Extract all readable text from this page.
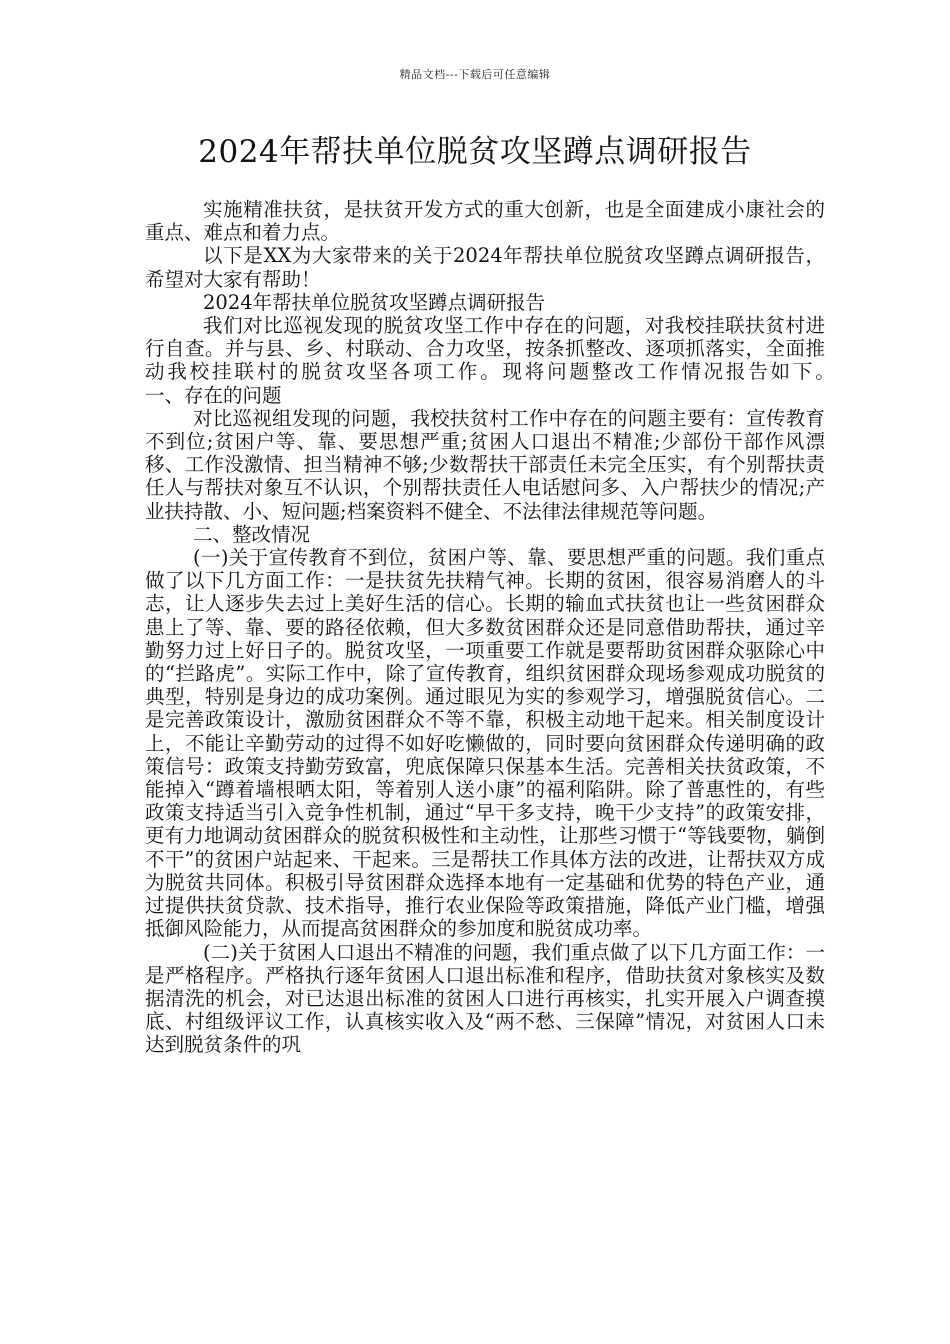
精品文档---下载后可任意编辑
2024年帮扶单位脱贫攻坚蹲点调研报告

实施精准扶贫，是扶贫开发方式的重大创新，也是全面建成小康社会的重点、难点和着力点。

以下是XX为大家带来的关于2024年帮扶单位脱贫攻坚蹲点调研报告，希望对大家有帮助！

2024年帮扶单位脱贫攻坚蹲点调研报告

我们对比巡视发现的脱贫攻坚工作中存在的问题，对我校挂联扶贫村进行自查。并与县、乡、村联动、合力攻坚，按条抓整改、逐项抓落实，全面推动我校挂联村的脱贫攻坚各项工作。现将问题整改工作情况报告如下。　　　　　　一、存在的问题

对比巡视组发现的问题，我校扶贫村工作中存在的问题主要有：宣传教育不到位;贫困户等、靠、要思想严重;贫困人口退出不精准;少部份干部作风漂移、工作没激情、担当精神不够;少数帮扶干部责任未完全压实，有个别帮扶责任人与帮扶对象互不认识，个别帮扶责任人电话慰问多、入户帮扶少的情况;产业扶持散、小、短问题;档案资料不健全、不法律法律规范等问题。

二、整改情况

(一)关于宣传教育不到位，贫困户等、靠、要思想严重的问题。我们重点做了以下几方面工作：一是扶贫先扶精气神。长期的贫困，很容易消磨人的斗志，让人逐步失去过上美好生活的信心。长期的输血式扶贫也让一些贫困群众患上了等、靠、要的路径依赖，但大多数贫困群众还是同意借助帮扶，通过辛勤努力过上好日子的。脱贫攻坚，一项重要工作就是要帮助贫困群众驱除心中的“拦路虎”。实际工作中，除了宣传教育，组织贫困群众现场参观成功脱贫的典型，特别是身边的成功案例。通过眼见为实的参观学习，增强脱贫信心。二是完善政策设计，激励贫困群众不等不靠，积极主动地干起来。相关制度设计上，不能让辛勤劳动的过得不如好吃懒做的，同时要向贫困群众传递明确的政策信号：政策支持勤劳致富，兜底保障只保基本生活。完善相关扶贫政策，不能掉入“蹲着墙根晒太阳，等着别人送小康”的福利陷阱。除了普惠性的，有些政策支持适当引入竞争性机制，通过“早干多支持，晚干少支持”的政策安排，更有力地调动贫困群众的脱贫积极性和主动性，让那些习惯于“等钱要物，躺倒不干”的贫困户站起来、干起来。三是帮扶工作具体方法的改进，让帮扶双方成为脱贫共同体。积极引导贫困群众选择本地有一定基础和优势的特色产业，通过提供扶贫贷款、技术指导，推行农业保险等政策措施，降低产业门槛，增强抵御风险能力，从而提高贫困群众的参加度和脱贫成功率。

(二)关于贫困人口退出不精准的问题，我们重点做了以下几方面工作：一是严格程序。严格执行逐年贫困人口退出标准和程序，借助扶贫对象核实及数据清洗的机会，对已达退出标准的贫困人口进行再核实，扎实开展入户调查摸底、村组级评议工作，认真核实收入及“两不愁、三保障”情况，对贫困人口未达到脱贫条件的巩
